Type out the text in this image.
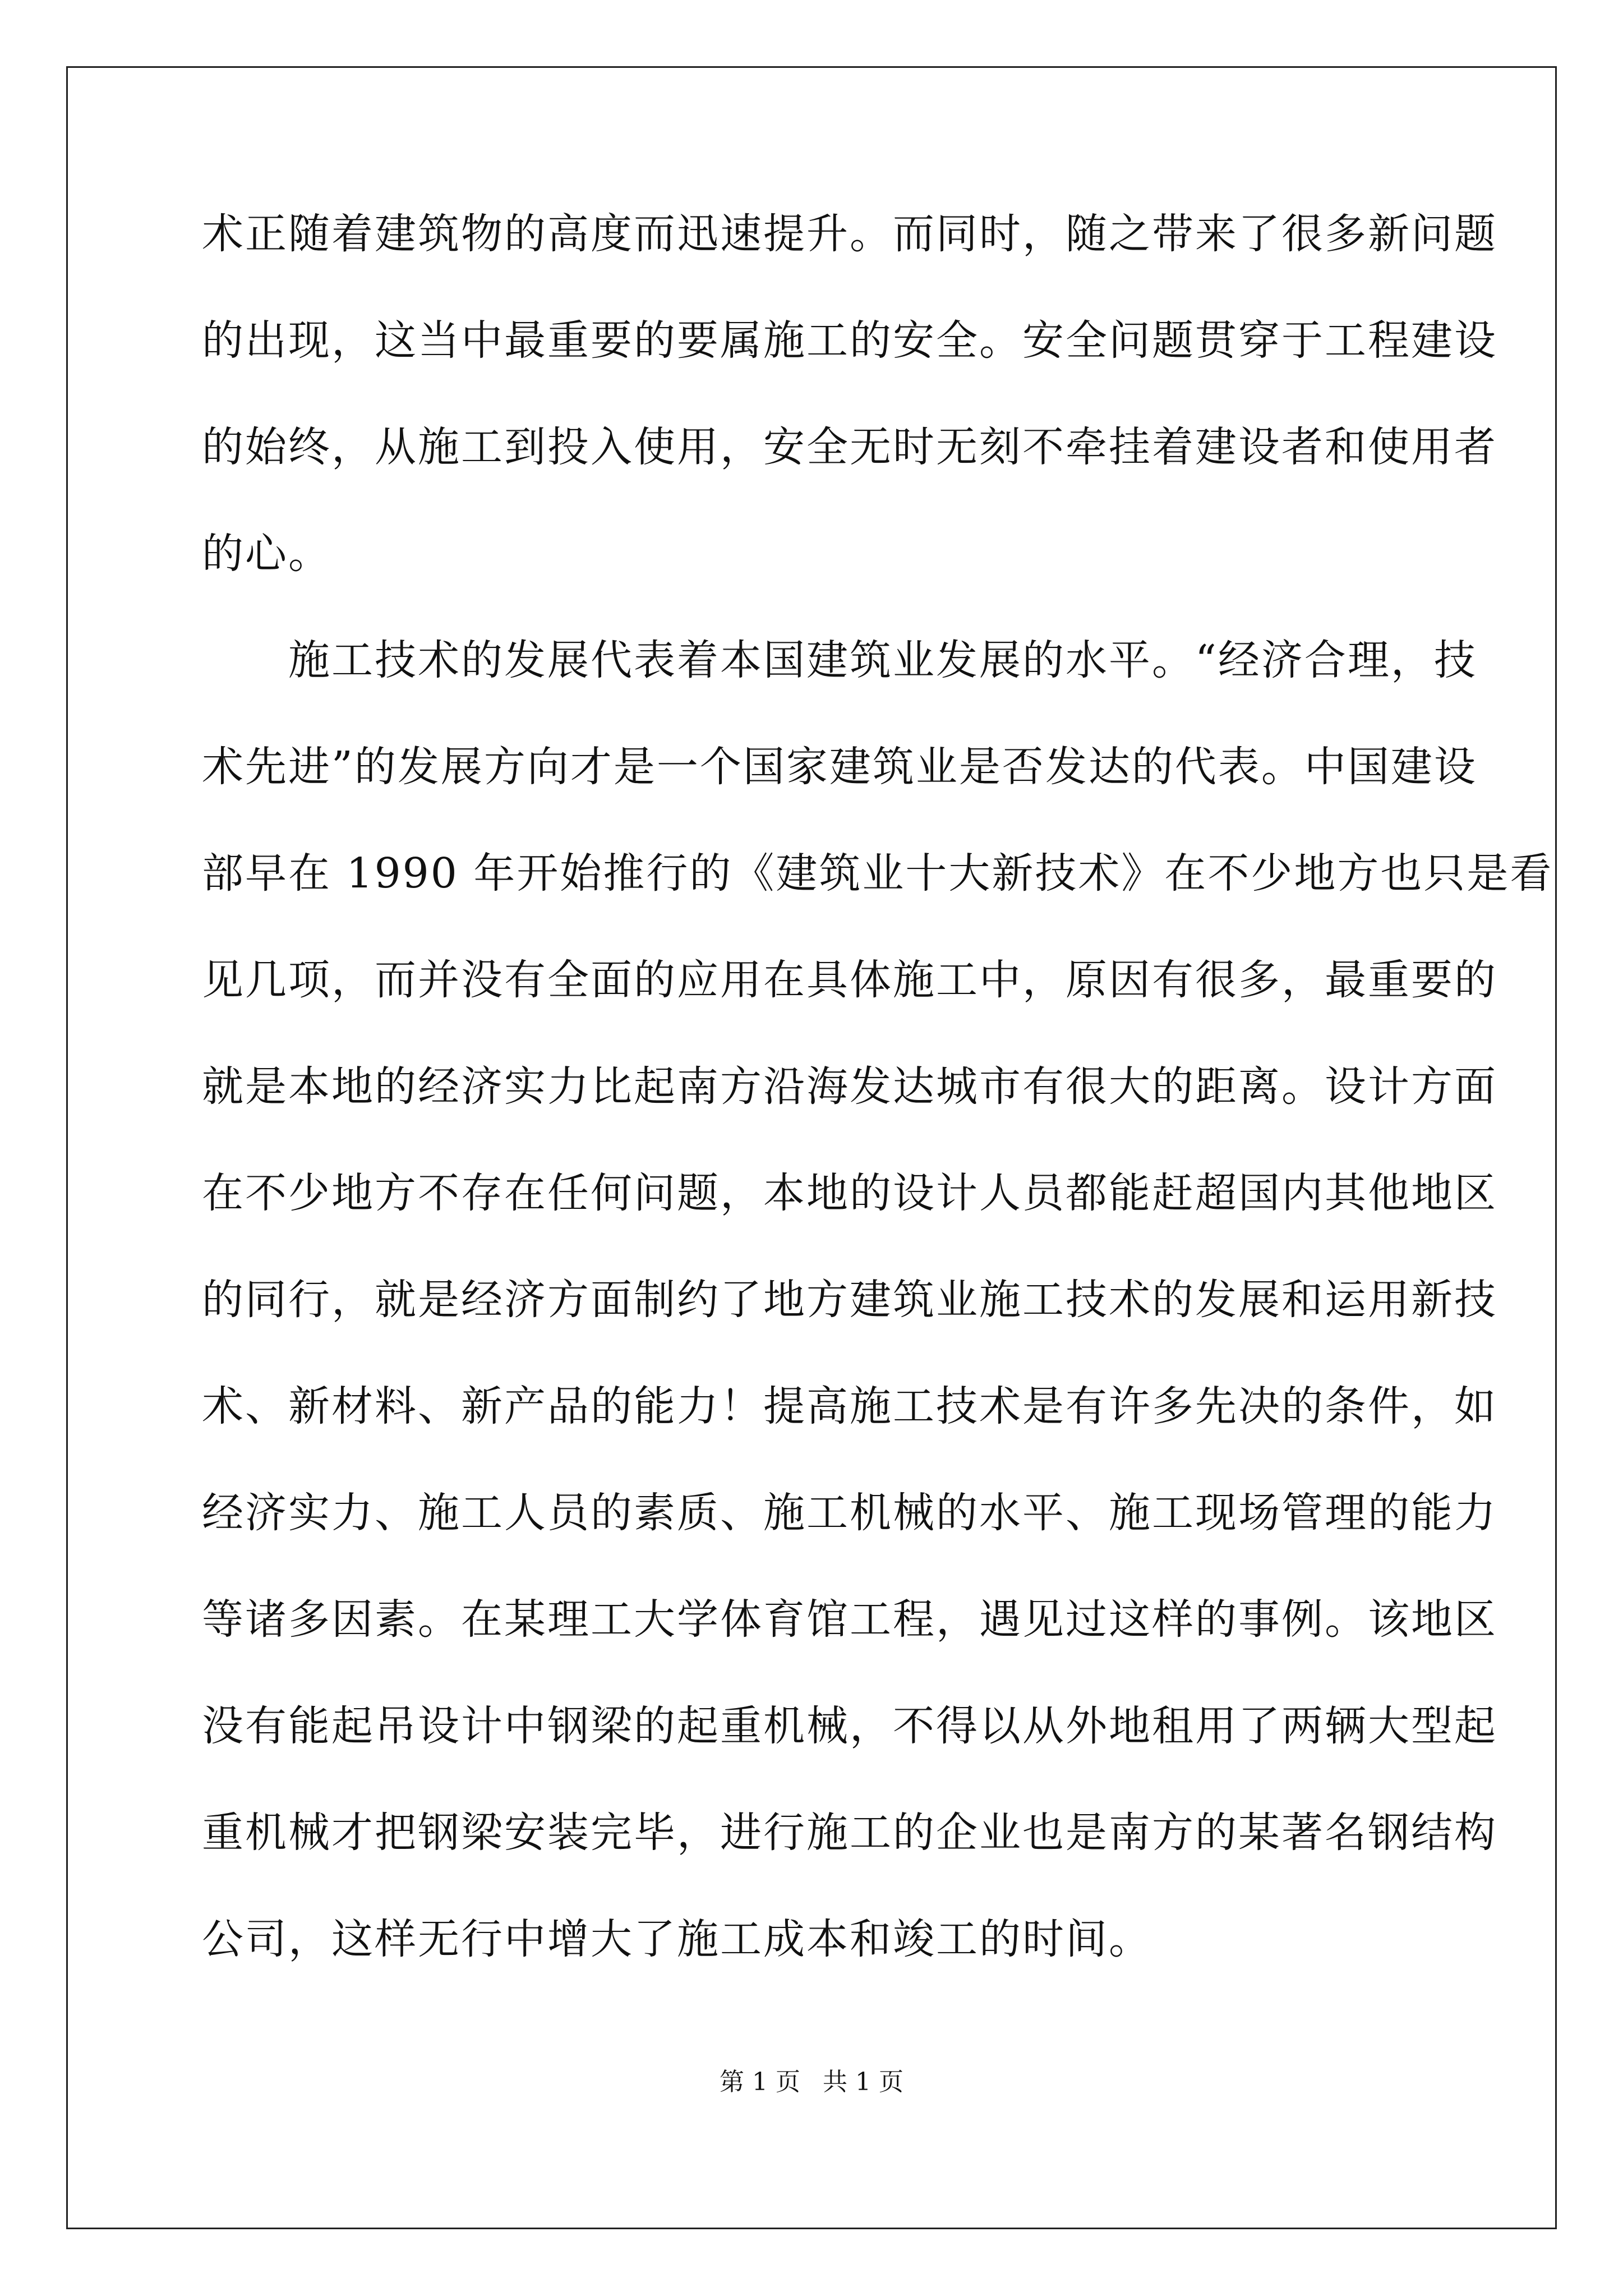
术正随着建筑物的高度而迅速提升。而同时，随之带来了很多新问题
的出现，这当中最重要的要属施工的安全。安全问题贯穿于工程建设
的始终，从施工到投入使用，安全无时无刻不牵挂着建设者和使用者
的心。
　　施工技术的发展代表着本国建筑业发展的水平。“经济合理，技
术先进”的发展方向才是一个国家建筑业是否发达的代表。中国建设
部早在 1990 年开始推行的《建筑业十大新技术》在不少地方也只是看
见几项，而并没有全面的应用在具体施工中，原因有很多，最重要的
就是本地的经济实力比起南方沿海发达城市有很大的距离。设计方面
在不少地方不存在任何问题，本地的设计人员都能赶超国内其他地区
的同行，就是经济方面制约了地方建筑业施工技术的发展和运用新技
术、新材料、新产品的能力！提高施工技术是有许多先决的条件，如
经济实力、施工人员的素质、施工机械的水平、施工现场管理的能力
等诸多因素。在某理工大学体育馆工程，遇见过这样的事例。该地区
没有能起吊设计中钢梁的起重机械，不得以从外地租用了两辆大型起
重机械才把钢梁安装完毕，进行施工的企业也是南方的某著名钢结构
公司，这样无行中增大了施工成本和竣工的时间。
第 1 页 共 1 页
